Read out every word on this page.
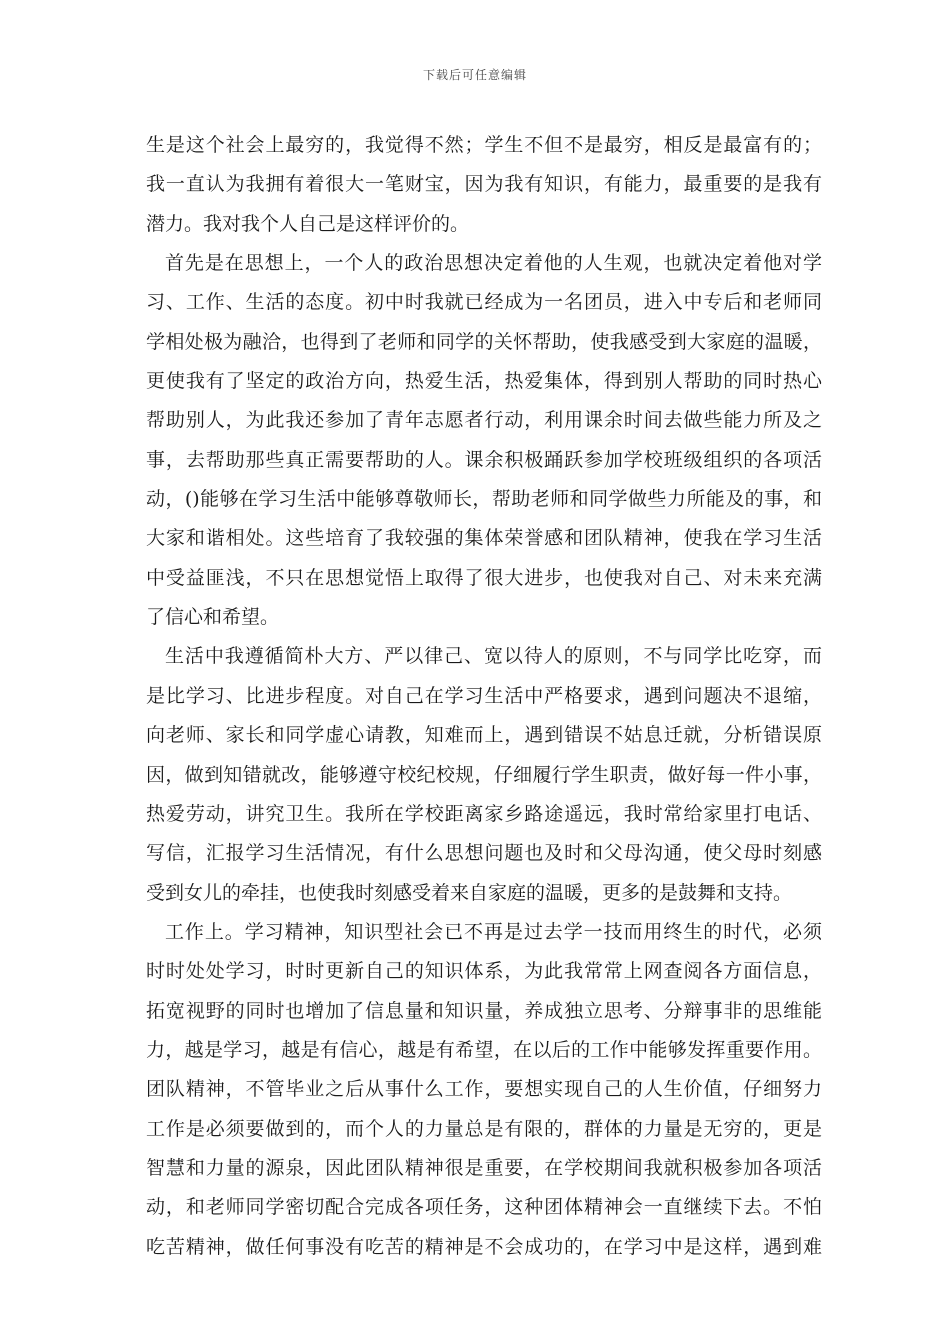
下载后可任意编辑
生是这个社会上最穷的，我觉得不然；学生不但不是最穷，相反是最富有的；
我一直认为我拥有着很大一笔财宝，因为我有知识，有能力，最重要的是我有
潜力。我对我个人自己是这样评价的。
首先是在思想上，一个人的政治思想决定着他的人生观，也就决定着他对学
习、工作、生活的态度。初中时我就已经成为一名团员，进入中专后和老师同
学相处极为融洽，也得到了老师和同学的关怀帮助，使我感受到大家庭的温暖，
更使我有了坚定的政治方向，热爱生活，热爱集体，得到别人帮助的同时热心
帮助别人，为此我还参加了青年志愿者行动，利用课余时间去做些能力所及之
事，去帮助那些真正需要帮助的人。课余积极踊跃参加学校班级组织的各项活
动，()能够在学习生活中能够尊敬师长，帮助老师和同学做些力所能及的事，和
大家和谐相处。这些培育了我较强的集体荣誉感和团队精神，使我在学习生活
中受益匪浅，不只在思想觉悟上取得了很大进步，也使我对自己、对未来充满
了信心和希望。
生活中我遵循简朴大方、严以律己、宽以待人的原则，不与同学比吃穿，而
是比学习、比进步程度。对自己在学习生活中严格要求，遇到问题决不退缩，
向老师、家长和同学虚心请教，知难而上，遇到错误不姑息迁就，分析错误原
因，做到知错就改，能够遵守校纪校规，仔细履行学生职责，做好每一件小事，
热爱劳动，讲究卫生。我所在学校距离家乡路途遥远，我时常给家里打电话、
写信，汇报学习生活情况，有什么思想问题也及时和父母沟通，使父母时刻感
受到女儿的牵挂，也使我时刻感受着来自家庭的温暖，更多的是鼓舞和支持。
工作上。学习精神，知识型社会已不再是过去学一技而用终生的时代，必须
时时处处学习，时时更新自己的知识体系，为此我常常上网查阅各方面信息，
拓宽视野的同时也增加了信息量和知识量，养成独立思考、分辩事非的思维能
力，越是学习，越是有信心，越是有希望，在以后的工作中能够发挥重要作用。
团队精神，不管毕业之后从事什么工作，要想实现自己的人生价值，仔细努力
工作是必须要做到的，而个人的力量总是有限的，群体的力量是无穷的，更是
智慧和力量的源泉，因此团队精神很是重要，在学校期间我就积极参加各项活
动，和老师同学密切配合完成各项任务，这种团体精神会一直继续下去。不怕
吃苦精神，做任何事没有吃苦的精神是不会成功的，在学习中是这样，遇到难
